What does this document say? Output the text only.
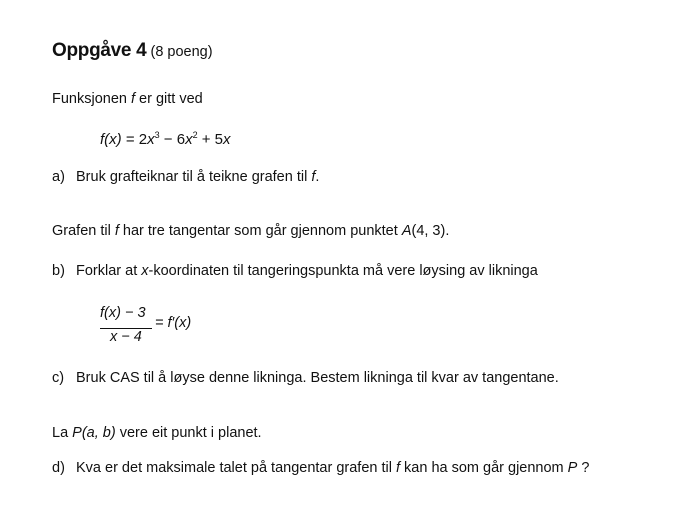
Oppgåve 4 (8 poeng)
Funksjonen f er gitt ved
$f(x) = 2x^3 - 6x^2 + 5x$
a) Bruk grafteiknar til å teikne grafen til f.
Grafen til f har tre tangentar som går gjennom punktet A(4, 3).
b) Forklar at x-koordinaten til tangeringspunkta må vere løysing av likninga
f(x) − 3
x − 4
= f′(x)
c) Bruk CAS til å løyse denne likninga. Bestem likninga til kvar av tangentane.
La P(a, b) vere eit punkt i planet.
d) Kva er det maksimale talet på tangentar grafen til f kan ha som går gjennom P ?
